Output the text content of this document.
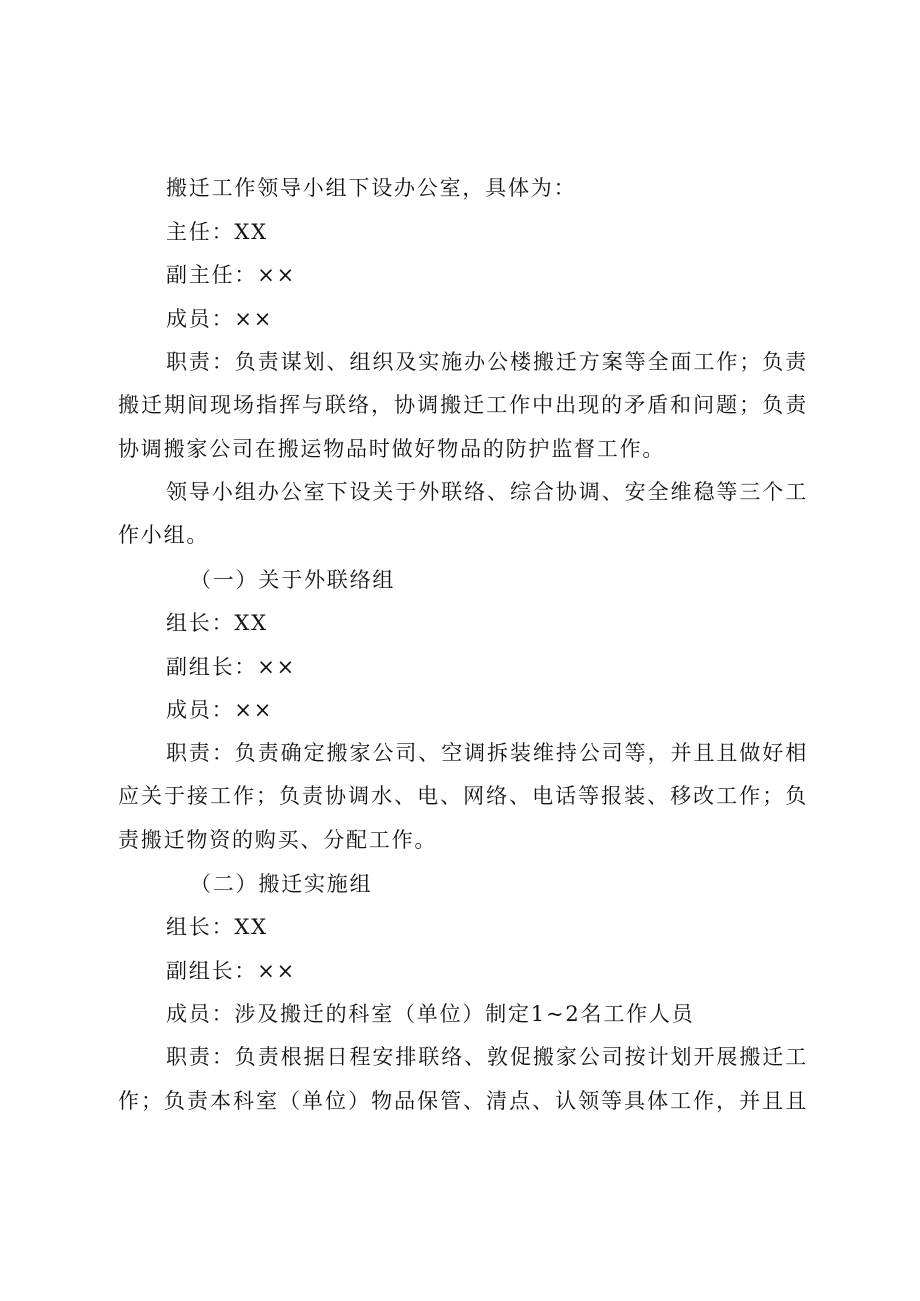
搬迁工作领导小组下设办公室，具体为：
主任：XX
副主任：××
成员：××
职责：负责谋划、组织及实施办公楼搬迁方案等全面工作；负责
搬迁期间现场指挥与联络，协调搬迁工作中出现的矛盾和问题；负责
协调搬家公司在搬运物品时做好物品的防护监督工作。
领导小组办公室下设关于外联络、综合协调、安全维稳等三个工
作小组。
（一）关于外联络组
组长：XX
副组长：××
成员：××
职责：负责确定搬家公司、空调拆装维持公司等，并且且做好相
应关于接工作；负责协调水、电、网络、电话等报装、移改工作；负
责搬迁物资的购买、分配工作。
（二）搬迁实施组
组长：XX
副组长：××
成员：涉及搬迁的科室（单位）制定1~2名工作人员
职责：负责根据日程安排联络、敦促搬家公司按计划开展搬迁工
作；负责本科室（单位）物品保管、清点、认领等具体工作，并且且
